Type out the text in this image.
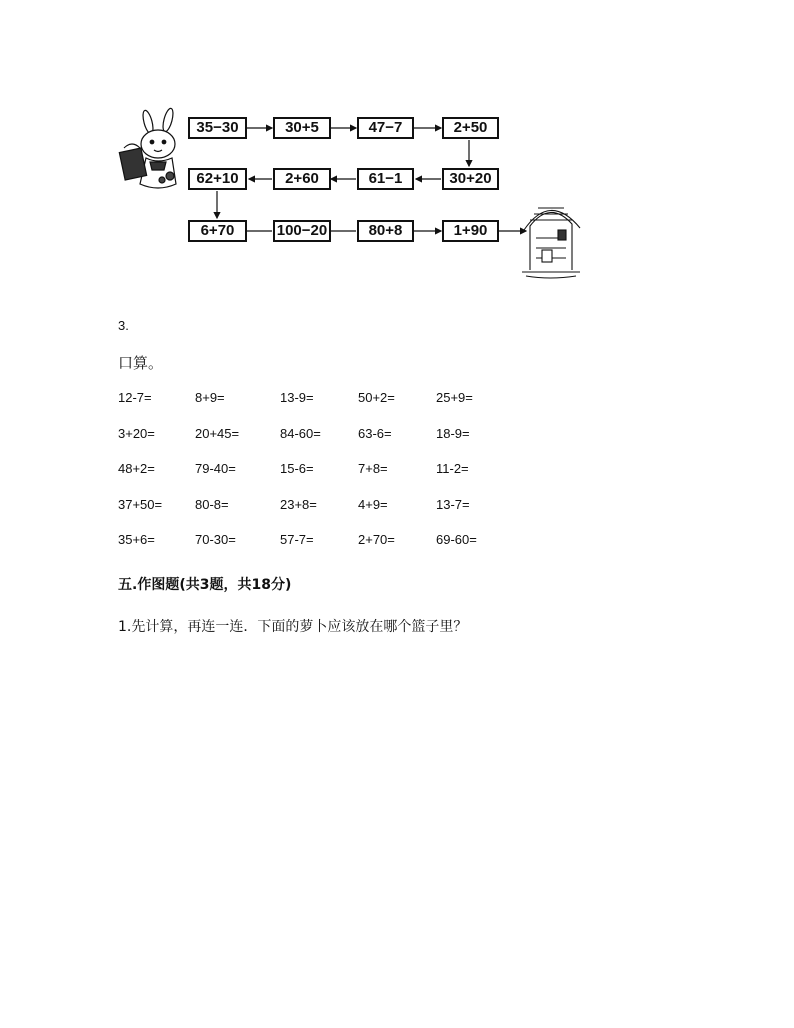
35−30	30+5	47−7	2+50
62+10	2+60	61−1	30+20
6+70	100−20	80+8	1+90
3.
口算。
12-7=	8+9=	13-9=	50+2=	25+9=
3+20=	20+45=	84-60=	63-6=	18-9=
48+2=	79-40=	15-6=	7+8=	11-2=
37+50=	80-8=	23+8=	4+9=	13-7=
35+6=	70-30=	57-7=	2+70=	69-60=
五.作图题(共3题，共18分)
1.先计算，再连一连．下面的萝卜应该放在哪个篮子里？
